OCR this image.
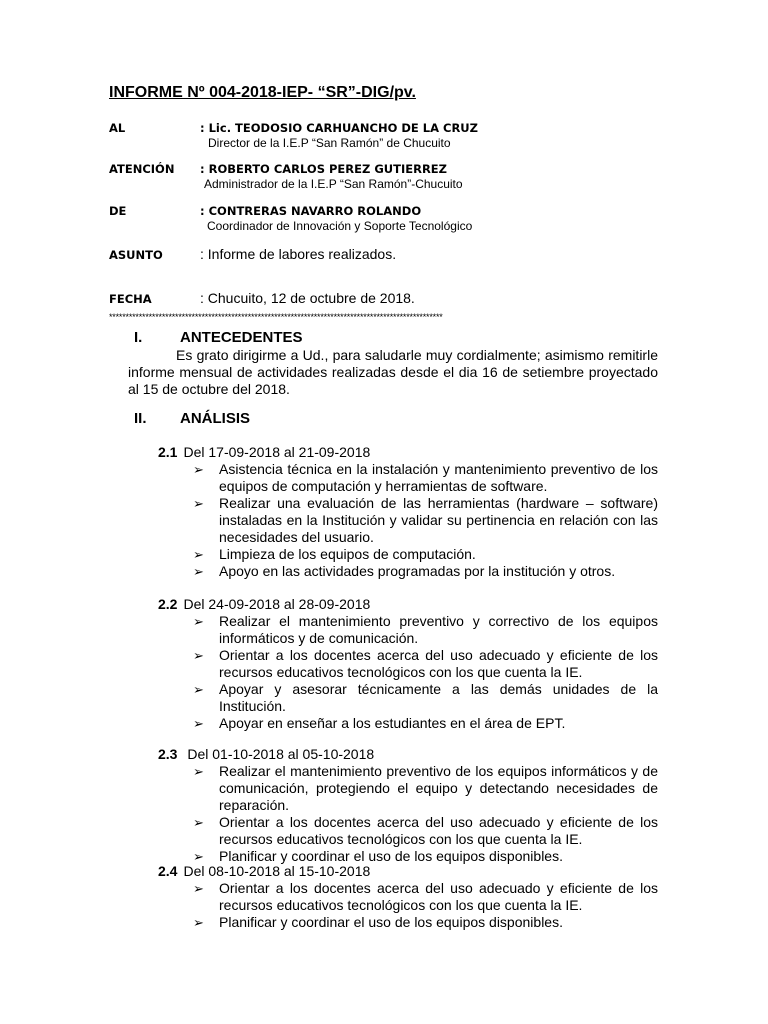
INFORME Nº 004-2018-IEP- “SR”-DIG/pv.
AL	: Lic. TEODOSIO CARHUANCHO DE LA CRUZ
Director de la I.E.P “San Ramón” de Chucuito
ATENCIÓN : ROBERTO CARLOS PEREZ GUTIERREZ
Administrador de la I.E.P “San Ramón”-Chucuito
DE	: CONTRERAS NAVARRO ROLANDO
Coordinador de Innovación y Soporte Tecnológico
ASUNTO	: Informe de labores realizados.
FECHA	: Chucuito, 12 de octubre de 2018.
*****************************************************************************************************
I.	ANTECEDENTES
Es grato dirigirme a Ud., para saludarle muy cordialmente; asimismo remitirle informe mensual de actividades realizadas desde el dia 16 de setiembre proyectado al 15 de octubre del 2018.
II. ANÁLISIS
2.1 Del 17-09-2018 al 21-09-2018
➢ Asistencia técnica en la instalación y mantenimiento preventivo de los equipos de computación y herramientas de software.
➢ Realizar una evaluación de las herramientas (hardware – software) instaladas en la Institución y validar su pertinencia en relación con las necesidades del usuario.
➢ Limpieza de los equipos de computación.
➢ Apoyo en las actividades programadas por la institución y otros.
2.2 Del 24-09-2018 al 28-09-2018
➢ Realizar el mantenimiento preventivo y correctivo de los equipos informáticos y de comunicación.
➢ Orientar a los docentes acerca del uso adecuado y eficiente de los recursos educativos tecnológicos con los que cuenta la IE.
➢ Apoyar y asesorar técnicamente a las demás unidades de la Institución.
➢ Apoyar en enseñar a los estudiantes en el área de EPT.
2.3 Del 01-10-2018 al 05-10-2018
➢ Realizar el mantenimiento preventivo de los equipos informáticos y de comunicación, protegiendo el equipo y detectando necesidades de reparación.
➢ Orientar a los docentes acerca del uso adecuado y eficiente de los recursos educativos tecnológicos con los que cuenta la IE.
➢ Planificar y coordinar el uso de los equipos disponibles.
2.4 Del 08-10-2018 al 15-10-2018
➢ Orientar a los docentes acerca del uso adecuado y eficiente de los recursos educativos tecnológicos con los que cuenta la IE.
➢ Planificar y coordinar el uso de los equipos disponibles.
